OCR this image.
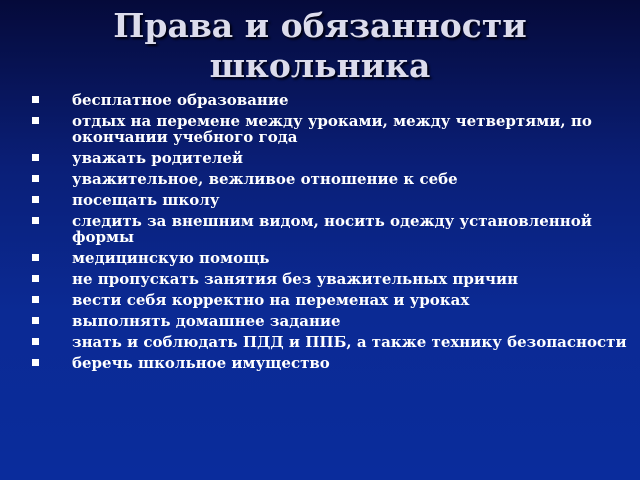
Права и обязанности
школьника
бесплатное образование
отдых на перемене между уроками, между четвертями, по окончании учебного года
уважать родителей
уважительное, вежливое отношение к себе
посещать школу
следить за внешним видом, носить одежду установленной формы
медицинскую помощь
не пропускать занятия без уважительных причин
вести себя корректно на переменах и уроках
выполнять домашнее задание
знать и соблюдать ПДД и ППБ, а также технику безопасности
беречь школьное имущество
